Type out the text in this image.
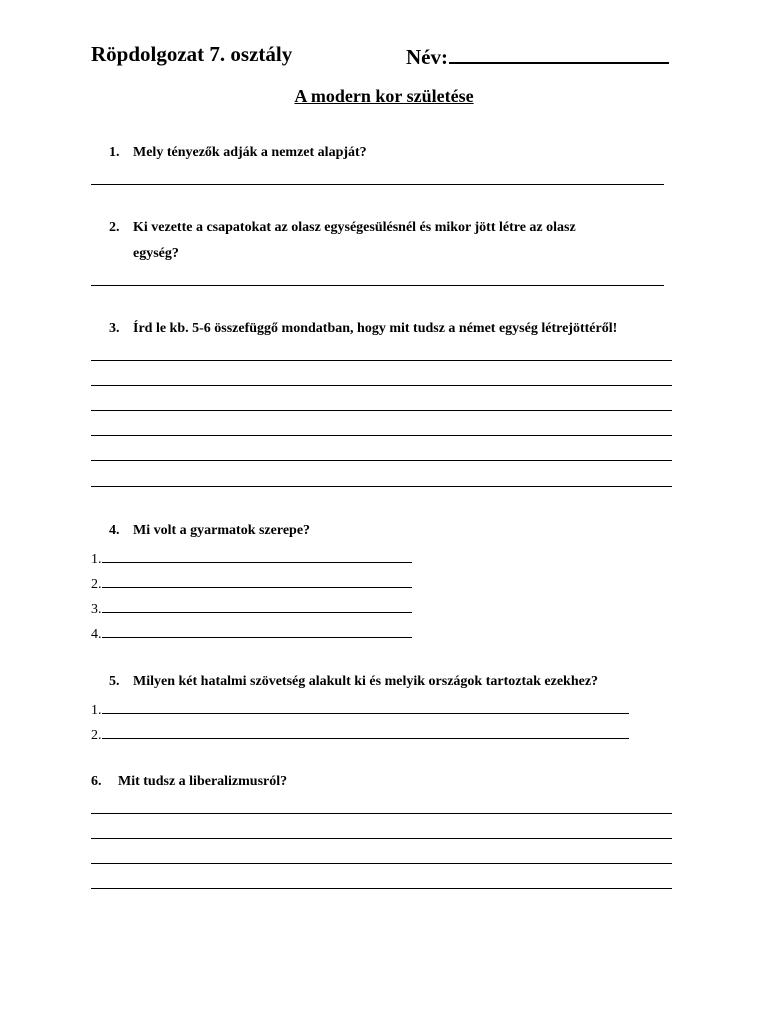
Röpdolgozat 7. osztály	Név:
A modern kor születése
1. Mely tényezők adják a nemzet alapját?
2. Ki vezette a csapatokat az olasz egységesülésnél és mikor jött létre az olasz
egység?
3. Írd le kb. 5-6 összefüggő mondatban, hogy mit tudsz a német egység létrejöttéről!
4. Mi volt a gyarmatok szerepe?
1.
2.
3.
4.
5. Milyen két hatalmi szövetség alakult ki és melyik országok tartoztak ezekhez?
1.
2.
6. Mit tudsz a liberalizmusról?
